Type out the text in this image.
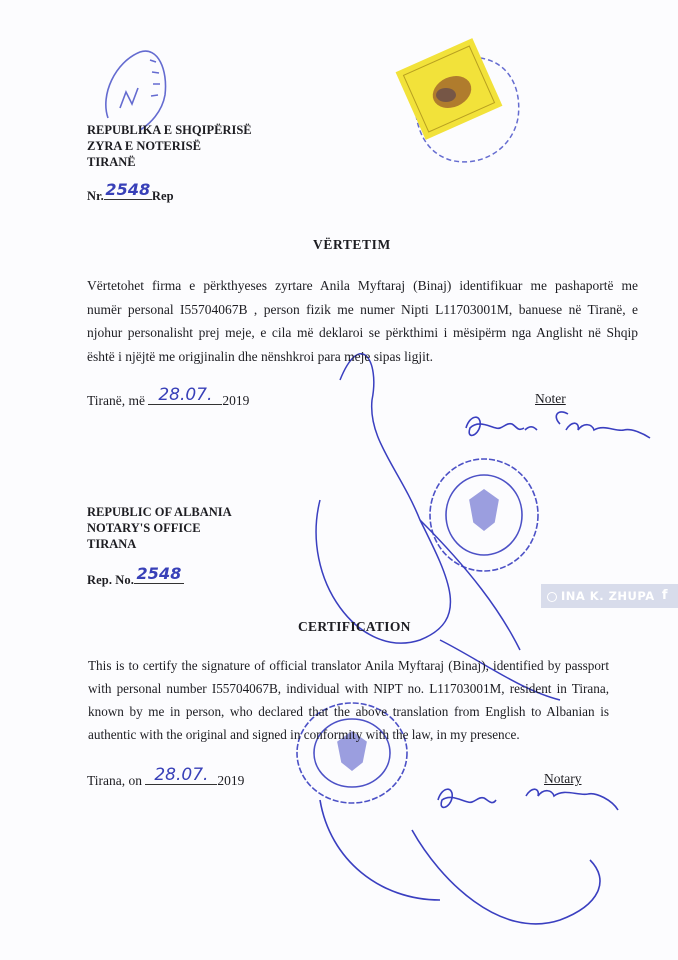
REPUBLIKA E SHQIPËRISË
ZYRA E NOTERISË
TIRANË
Nr. 2548 Rep
VËRTETIM
Vërtetohet firma e përkthyeses zyrtare Anila Myftaraj (Binaj) identifikuar me pashaportë me
numër personal I55704067B , person fizik me numer Nipti L11703001M, banuese në Tiranë, e
njohur personalisht prej meje, e cila më deklaroi se përkthimi i mësipërm nga Anglisht në Shqip
është i njëjtë me origjinalin dhe nënshkroi para meje sipas ligjit.
Tiranë, më 28.07. 2019	Noter
REPUBLIC OF ALBANIA
NOTARY'S OFFICE
TIRANA
Rep. No. 2548
CERTIFICATION
This is to certify the signature of official translator Anila Myftaraj (Binaj), identified by passport
with personal number I55704067B, individual with NIPT no. L11703001M, resident in Tirana,
known by me in person, who declared that the above translation from English to Albanian is
authentic with the original and signed in conformity with the law, in my presence.
Tirana, on 28.07. 2019	Notary
INA K. ZHUPA f
